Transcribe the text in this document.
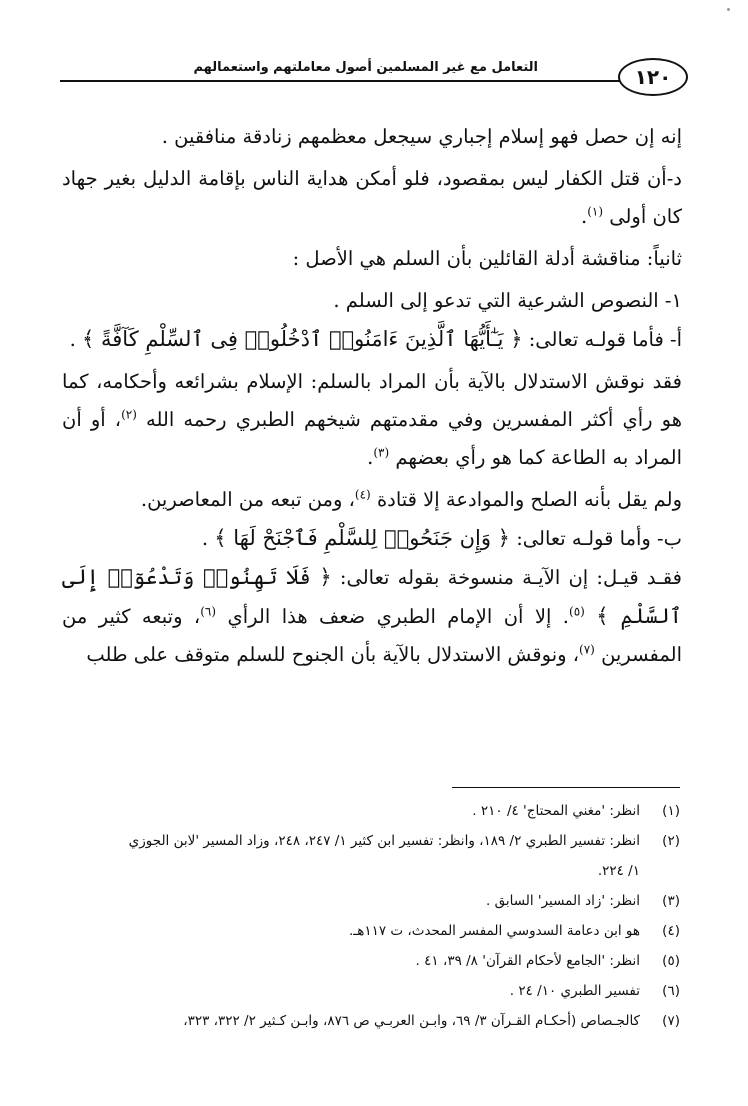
التعامل مع غير المسلمين أصول معاملتهم واستعمالهم	١٢٠

إنه إن حصل فهو إسلام إجباري سيجعل معظمهم زنادقة منافقين .

د-أن قتل الكفار ليس بمقصود، فلو أمكن هداية الناس بإقامة الدليل بغير جهاد كان أولى $^{(١)}$.

ثانياً: مناقشة أدلة القائلين بأن السلم هي الأصل :

١- النصوص الشرعية التي تدعو إلى السلم .

أ- فأما قولـه تعالى: ﴿ يَـٰٓأَيُّهَا ٱلَّذِينَ ءَامَنُوا۟ ٱدْخُلُوا۟ فِى ٱلسِّلْمِ كَآفَّةً ﴾ .

فقد نوقش الاستدلال بالآية بأن المراد بالسلم: الإسلام بشرائعه وأحكامه، كما هو رأي أكثر المفسرين وفي مقدمتهم شيخهم الطبري رحمه الله $^{(٢)}$، أو أن المراد به الطاعة كما هو رأي بعضهم $^{(٣)}$.

ولم يقل بأنه الصلح والموادعة إلا قتادة $^{(٤)}$، ومن تبعه من المعاصرين.

ب- وأما قولـه تعالى: ﴿ وَإِن جَنَحُوا۟ لِلسَّلْمِ فَٱجْنَحْ لَهَا ﴾ .

فقـد قيـل: إن الآيـة منسوخة بقوله تعالى: ﴿ فَلَا تَهِنُوا۟ وَتَدْعُوٓا۟ إِلَى ٱلسَّلْمِ ﴾ $^{(٥)}$. إلا أن الإمام الطبري ضعف هذا الرأي $^{(٦)}$، وتبعه كثير من المفسرين $^{(٧)}$، ونوقش الاستدلال بالآية بأن الجنوح للسلم متوقف على طلب

(١)
انظر: 'مغني المحتاج' ٤/ ٢١٠ .
(٢)
انظر: تفسير الطبري ٢/ ١٨٩، وانظر: تفسير ابن كثير ١/ ٢٤٧، ٢٤٨، وزاد المسير 'لابن الجوزي
١/ ٢٢٤.
(٣)
انظر: 'زاد المسير' السابق .
(٤)
هو ابن دعامة السدوسي المفسر المحدث، ت ١١٧هـ.
(٥)
انظر: 'الجامع لأحكام القرآن' ٨/ ٣٩، ٤١ .
(٦)
تفسير الطبري ١٠/ ٢٤ .
(٧)
كالجـصاص (أحكـام القـرآن ٣/ ٦٩، وابـن العربـي ص ٨٧٦، وابـن كـثير ٢/ ٣٢٢، ٣٢٣،
